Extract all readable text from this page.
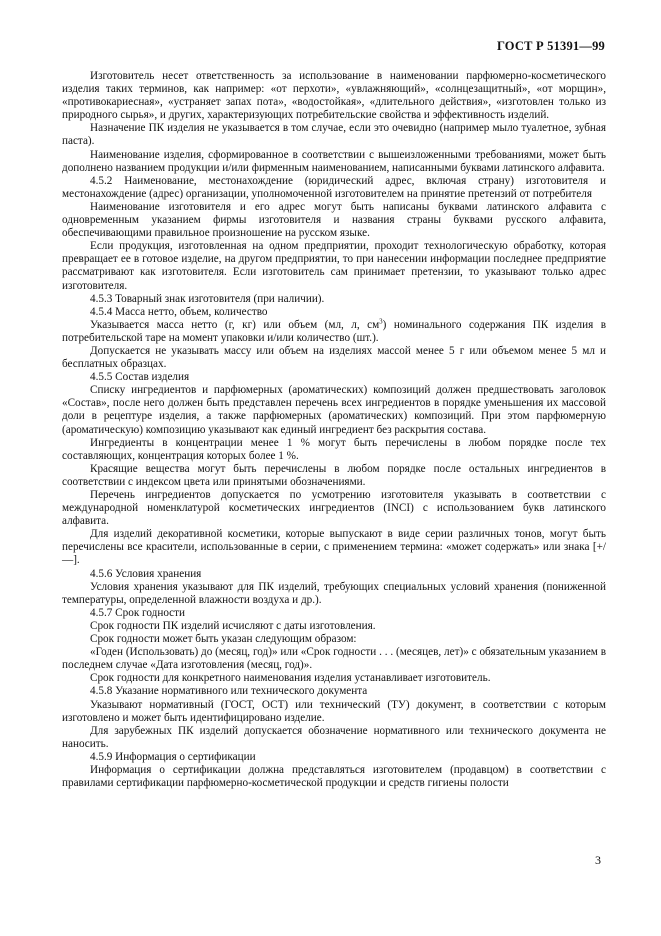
ГОСТ Р 51391—99

Изготовитель несет ответственность за использование в наименовании парфюмерно-косметического изделия таких терминов, как например: «от перхоти», «увлажняющий», «солнцезащитный», «от морщин», «противокариесная», «устраняет запах пота», «водостойкая», «длительного действия», «изготовлен только из природного сырья», и других, характеризующих потребительские свойства и эффективность изделий.

Назначение ПК изделия не указывается в том случае, если это очевидно (например мыло туалетное, зубная паста).

Наименование изделия, сформированное в соответствии с вышеизложенными требованиями, может быть дополнено названием продукции и/или фирменным наименованием, написанными буквами латинского алфавита.

4.5.2 Наименование, местонахождение (юридический адрес, включая страну) изготовителя и местонахождение (адрес) организации, уполномоченной изготовителем на принятие претензий от потребителя

Наименование изготовителя и его адрес могут быть написаны буквами латинского алфавита с одновременным указанием фирмы изготовителя и названия страны буквами русского алфавита, обеспечивающими правильное произношение на русском языке.

Если продукция, изготовленная на одном предприятии, проходит технологическую обработку, которая превращает ее в готовое изделие, на другом предприятии, то при нанесении информации последнее предприятие рассматривают как изготовителя. Если изготовитель сам принимает претензии, то указывают только адрес изготовителя.

4.5.3 Товарный знак изготовителя (при наличии).

4.5.4 Масса нетто, объем, количество

Указывается масса нетто (г, кг) или объем (мл, л, $см^3$) номинального содержания ПК изделия в потребительской таре на момент упаковки и/или количество (шт.).

Допускается не указывать массу или объем на изделиях массой менее 5 г или объемом менее 5 мл и бесплатных образцах.

4.5.5 Состав изделия

Списку ингредиентов и парфюмерных (ароматических) композиций должен предшествовать заголовок «Состав», после него должен быть представлен перечень всех ингредиентов в порядке уменьшения их массовой доли в рецептуре изделия, а также парфюмерных (ароматических) композиций. При этом парфюмерную (ароматическую) композицию указывают как единый ингредиент без раскрытия состава.

Ингредиенты в концентрации менее 1 % могут быть перечислены в любом порядке после тех составляющих, концентрация которых более 1 %.

Красящие вещества могут быть перечислены в любом порядке после остальных ингредиентов в соответствии с индексом цвета или принятыми обозначениями.

Перечень ингредиентов допускается по усмотрению изготовителя указывать в соответствии с международной номенклатурой косметических ингредиентов (INCI) с использованием букв латинского алфавита.

Для изделий декоративной косметики, которые выпускают в виде серии различных тонов, могут быть перечислены все красители, использованные в серии, с применением термина: «может содержать» или знака [+/—].

4.5.6 Условия хранения

Условия хранения указывают для ПК изделий, требующих специальных условий хранения (пониженной температуры, определенной влажности воздуха и др.).

4.5.7 Срок годности

Срок годности ПК изделий исчисляют с даты изготовления.

Срок годности может быть указан следующим образом:

«Годен (Использовать) до (месяц, год)» или «Срок годности . . . (месяцев, лет)» с обязательным указанием в последнем случае «Дата изготовления (месяц, год)».

Срок годности для конкретного наименования изделия устанавливает изготовитель.

4.5.8 Указание нормативного или технического документа

Указывают нормативный (ГОСТ, ОСТ) или технический (ТУ) документ, в соответствии с которым изготовлено и может быть идентифицировано изделие.

Для зарубежных ПК изделий допускается обозначение нормативного или технического документа не наносить.

4.5.9 Информация о сертификации

Информация о сертификации должна представляться изготовителем (продавцом) в соответствии с правилами сертификации парфюмерно-косметической продукции и средств гигиены полости

3
